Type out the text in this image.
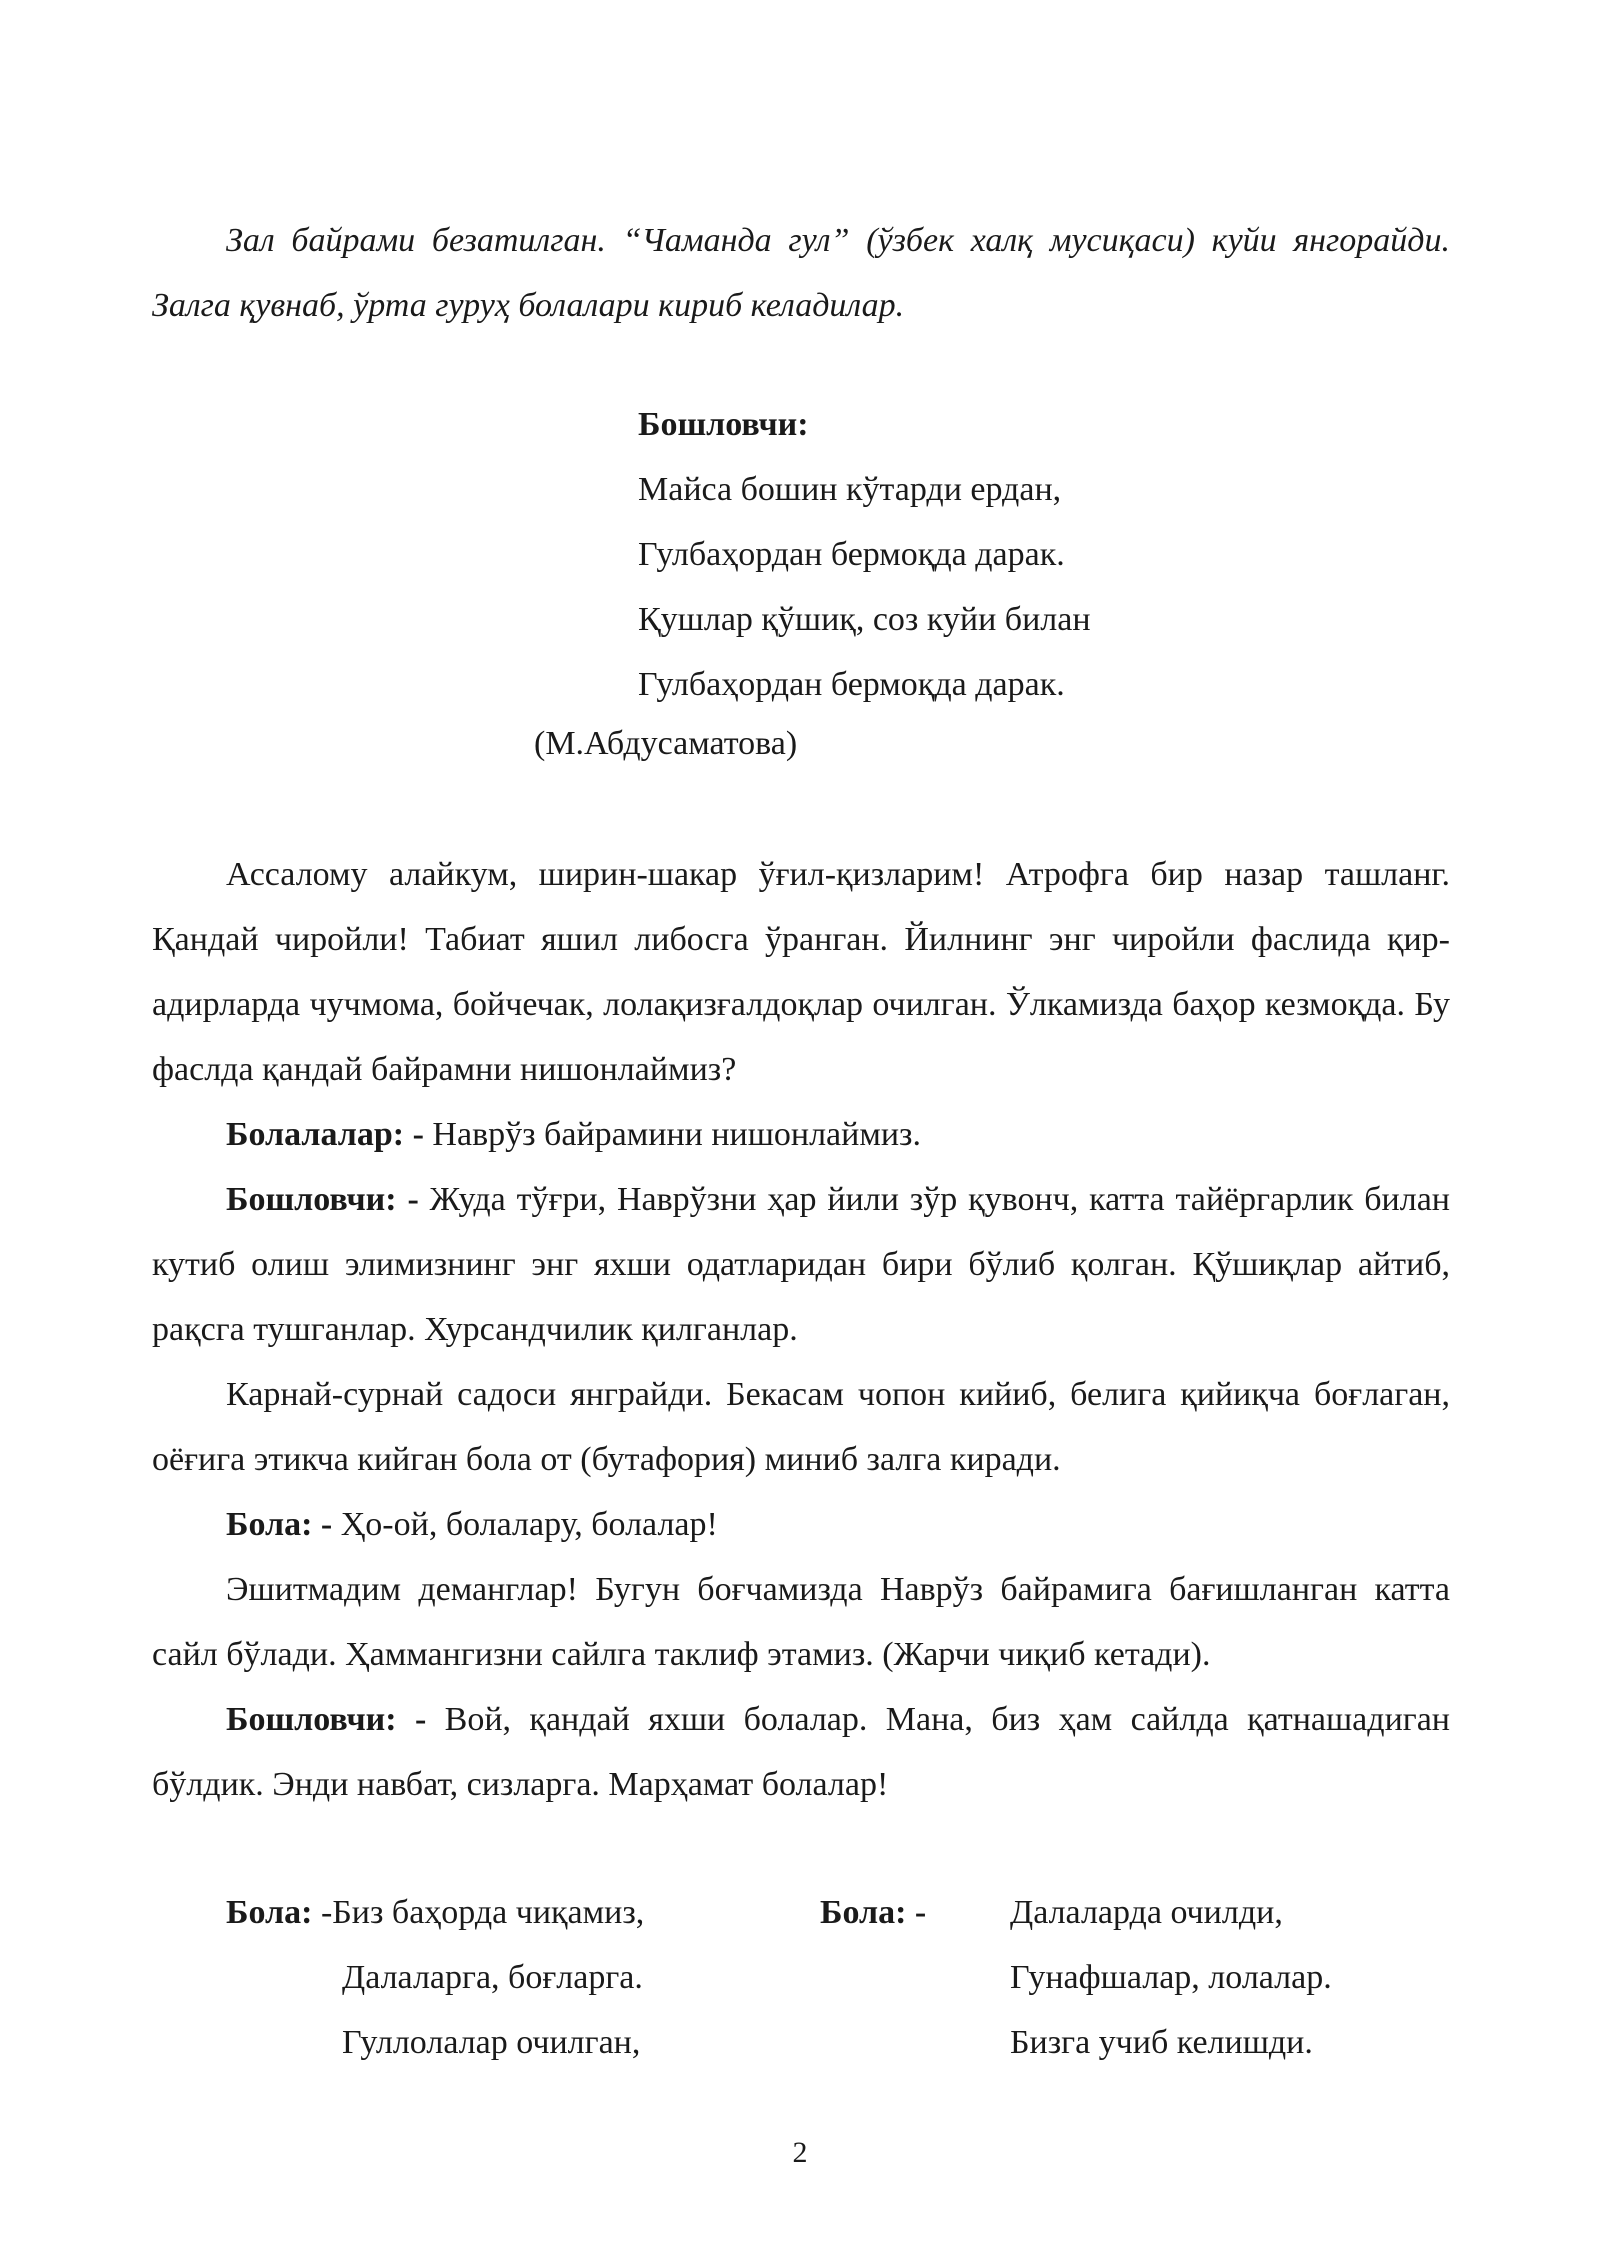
Зал байрами безатилган. “Чаманда гул” (ўзбек халқ мусиқаси) куйи янгорайди. Залга қувнаб, ўрта гуруҳ болалари кириб келадилар.

Бошловчи:
Майса бошин кўтарди ердан,
Гулбаҳордан бермоқда дарак.
Қушлар қўшиқ, соз куйи билан
Гулбаҳордан бермоқда дарак.
(М.Абдусаматова)

Ассалому алайкум, ширин-шакар ўғил-қизларим! Атрофга бир назар ташланг. Қандай чиройли! Табиат яшил либосга ўранган. Йилнинг энг чиройли фаслида қир-адирларда чучмома, бойчечак, лолақизғалдоқлар очилган. Ўлкамизда баҳор кезмоқда. Бу фаслда қандай байрамни нишонлаймиз?

Болалалар: - Наврўз байрамини нишонлаймиз.

Бошловчи: - Жуда тўғри, Наврўзни ҳар йили зўр қувонч, катта тайёргарлик билан кутиб олиш элимизнинг энг яхши одатларидан бири бўлиб қолган. Қўшиқлар айтиб, рақсга тушганлар. Хурсандчилик қилганлар.

Карнай-сурнай садоси янграйди. Бекасам чопон кийиб, белига қийиқча боғлаган, оёғига этикча кийган бола от (бутафория) миниб залга киради.

Бола: - Ҳо-ой, болалару, болалар!

Эшитмадим деманглар! Бугун боғчамизда Наврўз байрамига бағишланган катта сайл бўлади. Ҳаммангизни сайлга таклиф этамиз. (Жарчи чиқиб кетади).

Бошловчи: - Вой, қандай яхши болалар. Мана, биз ҳам сайлда қатнашадиган бўлдик. Энди навбат, сизларга. Марҳамат болалар!

Бола: -Биз баҳорда чиқамиз,
Далаларга, боғларга.
Гуллолалар очилган,
Бола: - Далаларда очилди,
Гунафшалар, лолалар.
Бизга учиб келишди.
2
